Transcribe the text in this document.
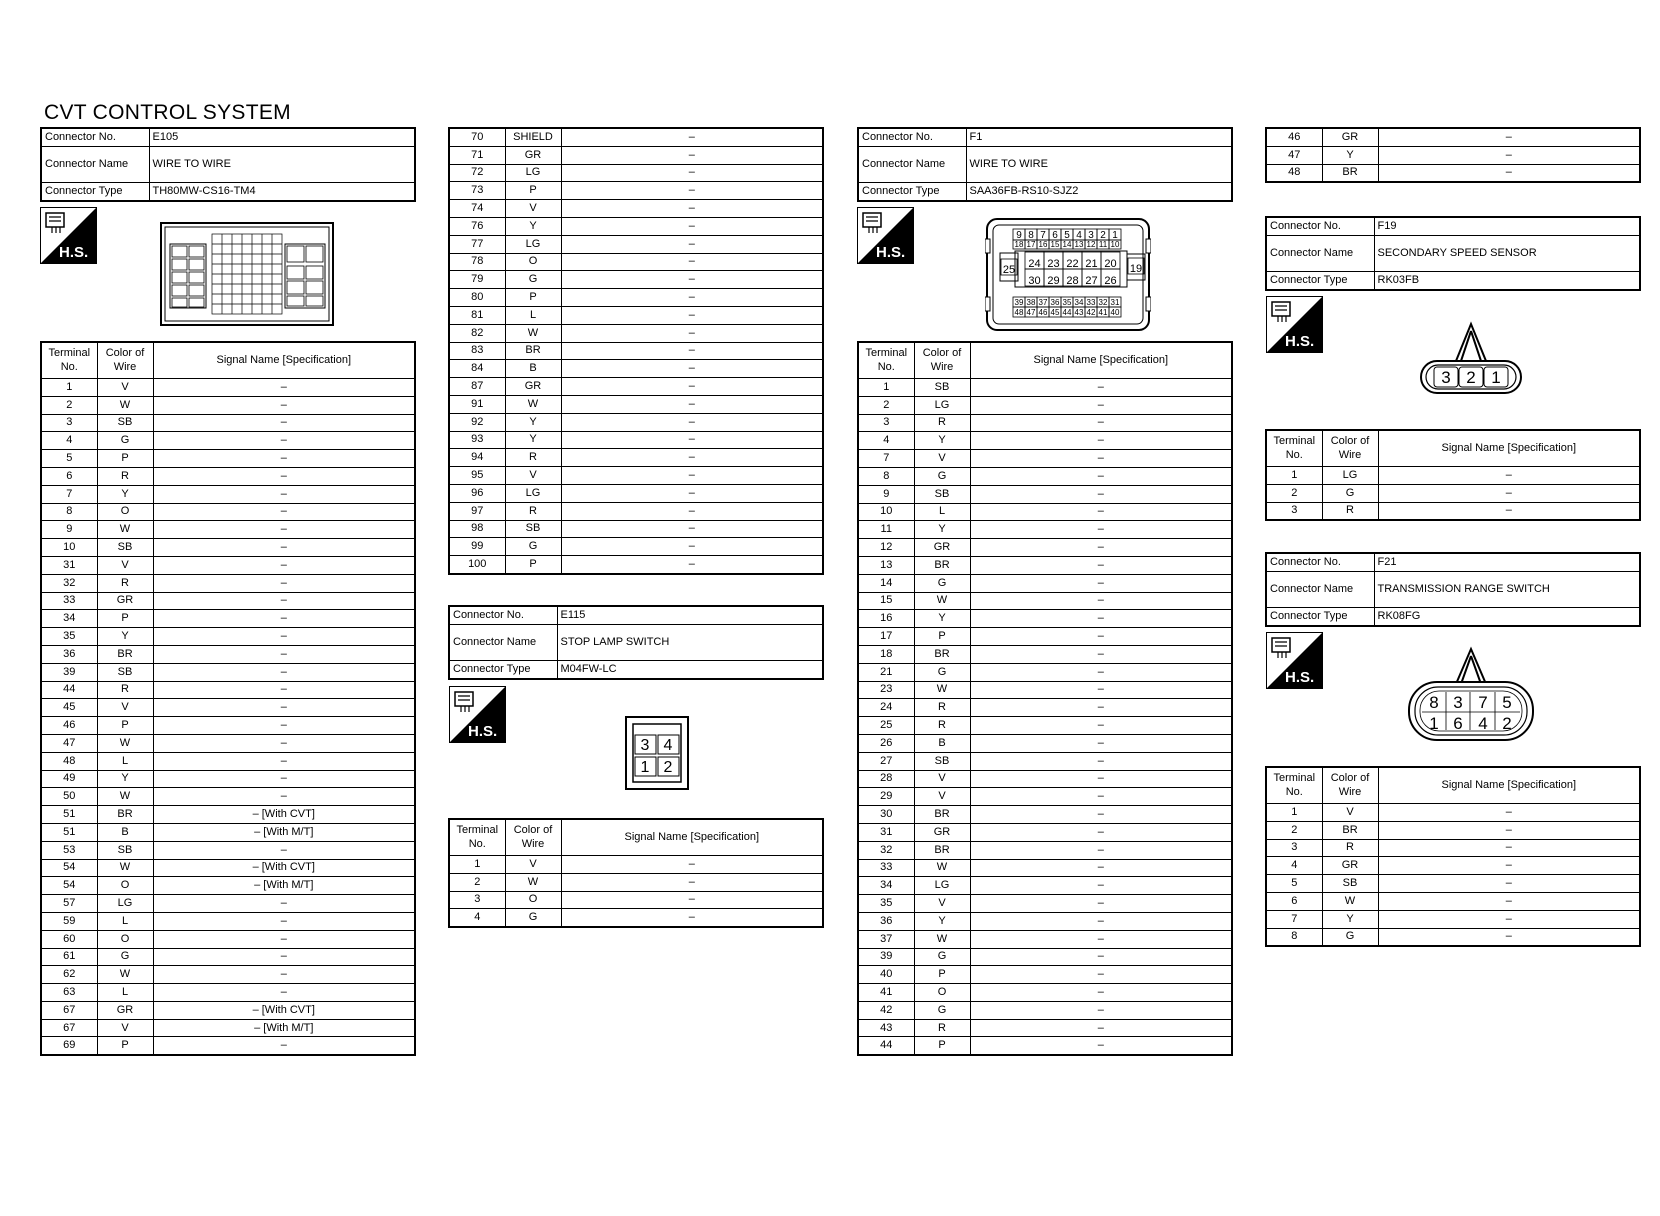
CVT CONTROL SYSTEM
Connector No.	E105
Connector Name	WIRE TO WIRE
Connector Type	TH80MW-CS16-TM4
H.S.
Terminal No.	Color of Wire	Signal Name [Specification]
1	V	–
2	W	–
3	SB	–
4	G	–
5	P	–
6	R	–
7	Y	–
8	O	–
9	W	–
10	SB	–
31	V	–
32	R	–
33	GR	–
34	P	–
35	Y	–
36	BR	–
39	SB	–
44	R	–
45	V	–
46	P	–
47	W	–
48	L	–
49	Y	–
50	W	–
51	BR	– [With CVT]
51	B	– [With M/T]
53	SB	–
54	W	– [With CVT]
54	O	– [With M/T]
57	LG	–
59	L	–
60	O	–
61	G	–
62	W	–
63	L	–
67	GR	– [With CVT]
67	V	– [With M/T]
69	P	–
70	SHIELD	–
71	GR	–
72	LG	–
73	P	–
74	V	–
76	Y	–
77	LG	–
78	O	–
79	G	–
80	P	–
81	L	–
82	W	–
83	BR	–
84	B	–
87	GR	–
91	W	–
92	Y	–
93	Y	–
94	R	–
95	V	–
96	LG	–
97	R	–
98	SB	–
99	G	–
100	P	–
Connector No.	E115
Connector Name	STOP LAMP SWITCH
Connector Type	M04FW-LC
H.S.
3 4
1 2
Terminal No.	Color of Wire	Signal Name [Specification]
1	V	–
2	W	–
3	O	–
4	G	–
Connector No.	F1
Connector Name	WIRE TO WIRE
Connector Type	SAA36FB-RS10-SJZ2
H.S.
9
18
39
48
8
17
38
47
7
16
37
46
6
15
36
45
5
14
35
44
4
13
34
43
3
12
33
42
2
11
32
41
1
10
31
40
24
30
23
29
22
28
21
27
20
26
25	19
Terminal No.	Color of Wire	Signal Name [Specification]
1	SB	–
2	LG	–
3	R	–
4	Y	–
7	V	–
8	G	–
9	SB	–
10	L	–
11	Y	–
12	GR	–
13	BR	–
14	G	–
15	W	–
16	Y	–
17	P	–
18	BR	–
21	G	–
23	W	–
24	R	–
25	R	–
26	B	–
27	SB	–
28	V	–
29	V	–
30	BR	–
31	GR	–
32	BR	–
33	W	–
34	LG	–
35	V	–
36	Y	–
37	W	–
39	G	–
40	P	–
41	O	–
42	G	–
43	R	–
44	P	–
46	GR	–
47	Y	–
48	BR	–
Connector No.	F19
Connector Name	SECONDARY SPEED SENSOR
Connector Type	RK03FB
H.S.
3 2 1
Terminal No.	Color of Wire	Signal Name [Specification]
1	LG	–
2	G	–
3	R	–
Connector No.	F21
Connector Name	TRANSMISSION RANGE SWITCH
Connector Type	RK08FG
H.S.
8 3 7 5
1 6 4 2
Terminal No.	Color of Wire	Signal Name [Specification]
1	V	–
2	BR	–
3	R	–
4	GR	–
5	SB	–
6	W	–
7	Y	–
8	G	–
